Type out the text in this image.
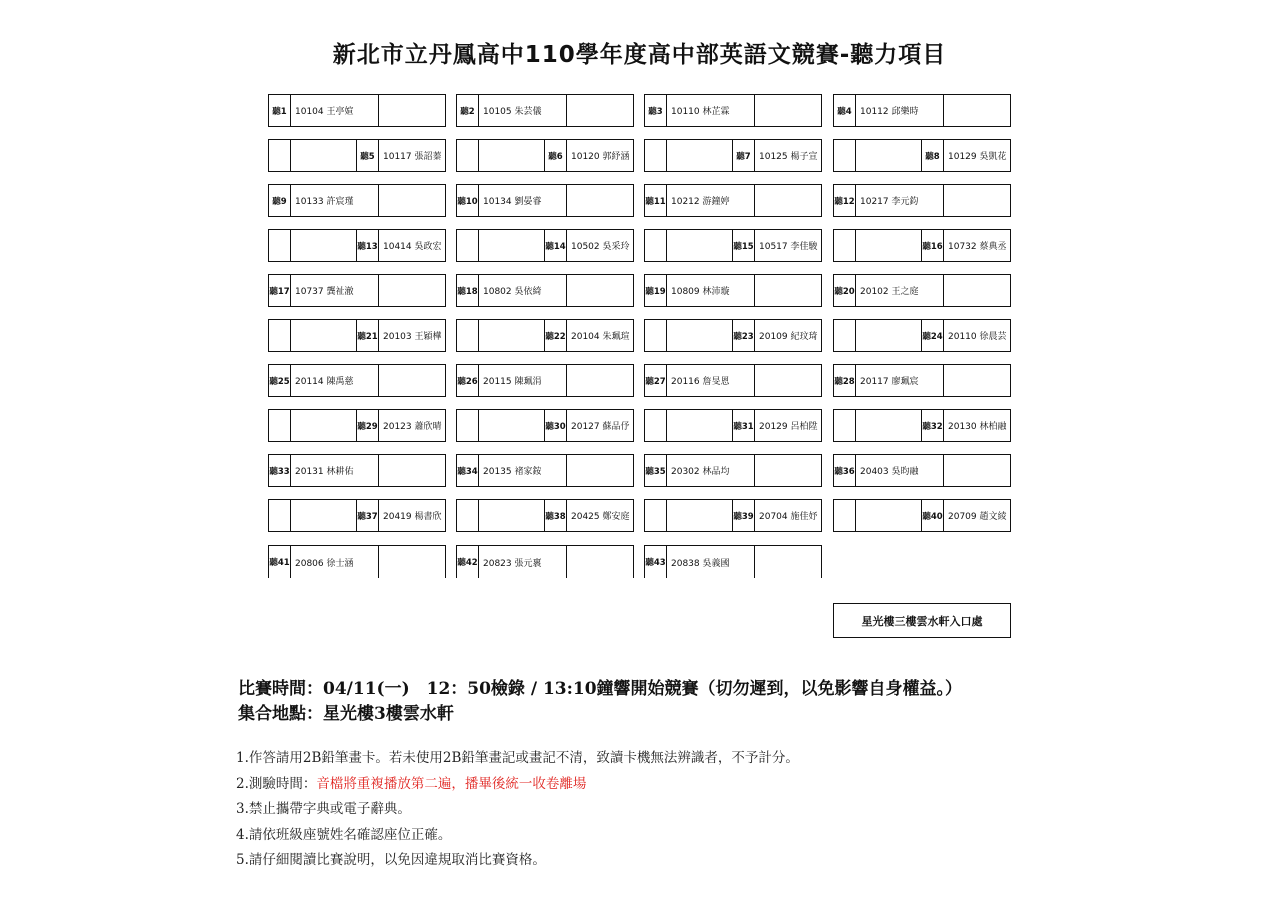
新北市立丹鳳高中110學年度高中部英語文競賽-聽力項目
聽1 10104 王亭媗	聽2 10105 朱芸儀	聽3 10110 林芷霖	聽4 10112 邱樂時
聽5 10117 張詔蓁	聽6 10120 郭紓涵	聽7 10125 楊子宣	聽8 10129 吳凱花
聽9 10133 許宸瑾	聽10 10134 劉晏睿	聽11 10212 游鐘婷	聽12 10217 李元鈞
聽13 10414 吳政宏	聽14 10502 吳采玲	聽15 10517 李佳駿	聽16 10732 蔡典丞
聽17 10737 龔祉澈	聽18 10802 吳依綺	聽19 10809 林沛璇	聽20 20102 王之庭
聽21 20103 王穎樺	聽22 20104 朱珮瑄	聽23 20109 紀玟琦	聽24 20110 徐晨芸
聽25 20114 陳禹慈	聽26 20115 陳珮涓	聽27 20116 詹旻恩	聽28 20117 廖珮宸
聽29 20123 蕭欣晴	聽30 20127 蘇品伃	聽31 20129 呂柏陞	聽32 20130 林柏融
聽33 20131 林耕佑	聽34 20135 褚家銨	聽35 20302 林品均	聽36 20403 吳昀融
聽37 20419 楊書欣	聽38 20425 鄭安庭	聽39 20704 施佳妤	聽40 20709 趙文綾
聽41 20806 徐士涵	聽42 20823 張元褱	聽43 20838 吳義國
星光樓三樓雲水軒入口處
比賽時間：04/11(一)　12：50檢錄 / 13:10鐘響開始競賽（切勿遲到，以免影響自身權益。）
集合地點：星光樓3樓雲水軒
1.作答請用2B鉛筆畫卡。若未使用2B鉛筆畫記或畫記不清，致讀卡機無法辨識者，不予計分。
2.測驗時間：音檔將重複播放第二遍，播畢後統一收卷離場
3.禁止攜帶字典或電子辭典。
4.請依班級座號姓名確認座位正確。
5.請仔細閱讀比賽說明，以免因違規取消比賽資格。
